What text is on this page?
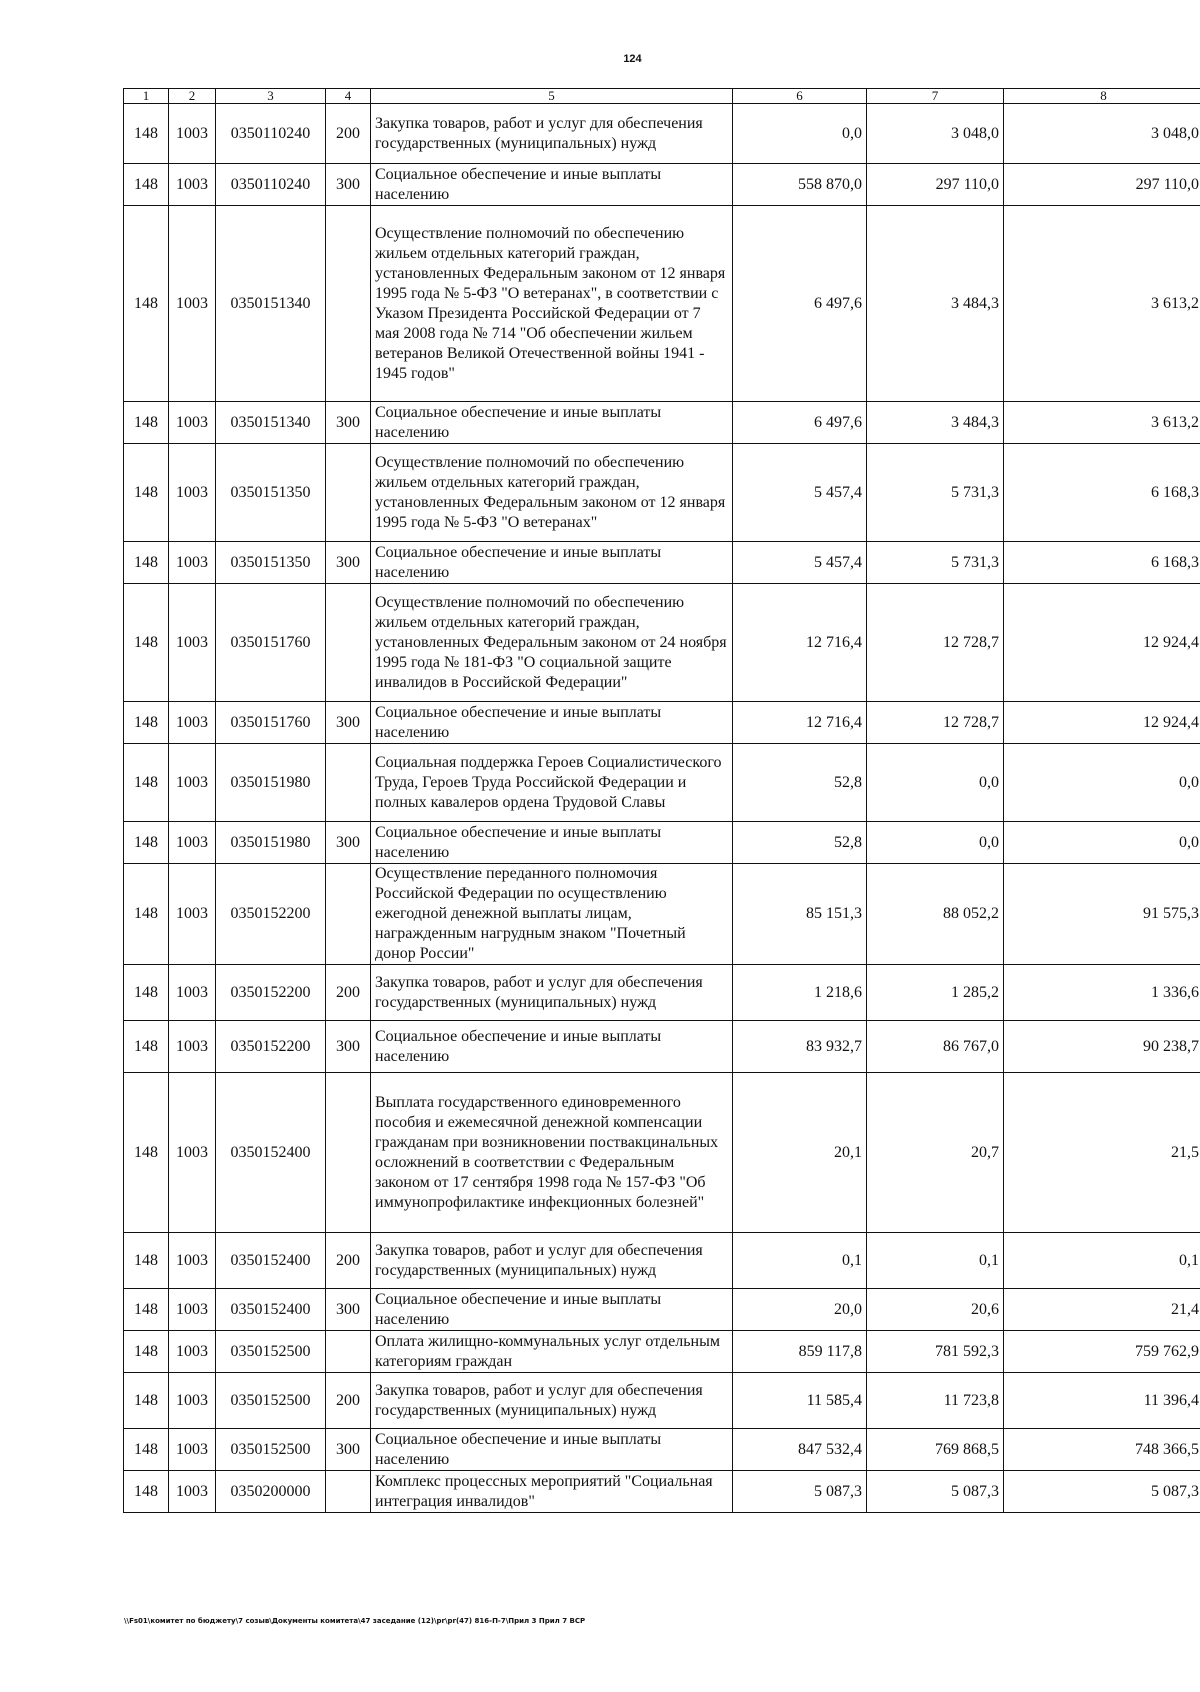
124
1	2	3	4	5	6	7	8
148	1003	0350110240	200	Закупка товаров, работ и услуг для обеспечения государственных (муниципальных) нужд	0,0	3 048,0	3 048,0
148	1003	0350110240	300	Социальное обеспечение и иные выплаты населению	558 870,0	297 110,0	297 110,0
148	1003	0350151340		Осуществление полномочий по обеспечению жильем отдельных категорий граждан, установленных Федеральным законом от 12 января 1995 года № 5-ФЗ "О ветеранах", в соответствии с Указом Президента Российской Федерации от 7 мая 2008 года № 714 "Об обеспечении жильем ветеранов Великой Отечественной войны 1941 - 1945 годов"	6 497,6	3 484,3	3 613,2
148	1003	0350151340	300	Социальное обеспечение и иные выплаты населению	6 497,6	3 484,3	3 613,2
148	1003	0350151350		Осуществление полномочий по обеспечению жильем отдельных категорий граждан, установленных Федеральным законом от 12 января 1995 года № 5-ФЗ "О ветеранах"	5 457,4	5 731,3	6 168,3
148	1003	0350151350	300	Социальное обеспечение и иные выплаты населению	5 457,4	5 731,3	6 168,3
148	1003	0350151760		Осуществление полномочий по обеспечению жильем отдельных категорий граждан, установленных Федеральным законом от 24 ноября 1995 года № 181-ФЗ "О социальной защите инвалидов в Российской Федерации"	12 716,4	12 728,7	12 924,4
148	1003	0350151760	300	Социальное обеспечение и иные выплаты населению	12 716,4	12 728,7	12 924,4
148	1003	0350151980		Социальная поддержка Героев Социалистического Труда, Героев Труда Российской Федерации и полных кавалеров ордена Трудовой Славы	52,8	0,0	0,0
148	1003	0350151980	300	Социальное обеспечение и иные выплаты населению	52,8	0,0	0,0
148	1003	0350152200		Осуществление переданного полномочия Российской Федерации по осуществлению ежегодной денежной выплаты лицам, награжденным нагрудным знаком "Почетный донор России"	85 151,3	88 052,2	91 575,3
148	1003	0350152200	200	Закупка товаров, работ и услуг для обеспечения государственных (муниципальных) нужд	1 218,6	1 285,2	1 336,6
148	1003	0350152200	300	Социальное обеспечение и иные выплаты населению	83 932,7	86 767,0	90 238,7
148	1003	0350152400		Выплата государственного единовременного пособия и ежемесячной денежной компенсации гражданам при возникновении поствакцинальных осложнений в соответствии с Федеральным законом от 17 сентября 1998 года № 157-ФЗ "Об иммунопрофилактике инфекционных болезней"	20,1	20,7	21,5
148	1003	0350152400	200	Закупка товаров, работ и услуг для обеспечения государственных (муниципальных) нужд	0,1	0,1	0,1
148	1003	0350152400	300	Социальное обеспечение и иные выплаты населению	20,0	20,6	21,4
148	1003	0350152500		Оплата жилищно-коммунальных услуг отдельным категориям граждан	859 117,8	781 592,3	759 762,9
148	1003	0350152500	200	Закупка товаров, работ и услуг для обеспечения государственных (муниципальных) нужд	11 585,4	11 723,8	11 396,4
148	1003	0350152500	300	Социальное обеспечение и иные выплаты населению	847 532,4	769 868,5	748 366,5
148	1003	0350200000		Комплекс процессных мероприятий "Социальная интеграция инвалидов"	5 087,3	5 087,3	5 087,3
\\Fs01\комитет по бюджету\7 созыв\Документы комитета\47 заседание (12)\pr\pr(47) 816-П-7\Прил 3 Прил 7 ВСР
